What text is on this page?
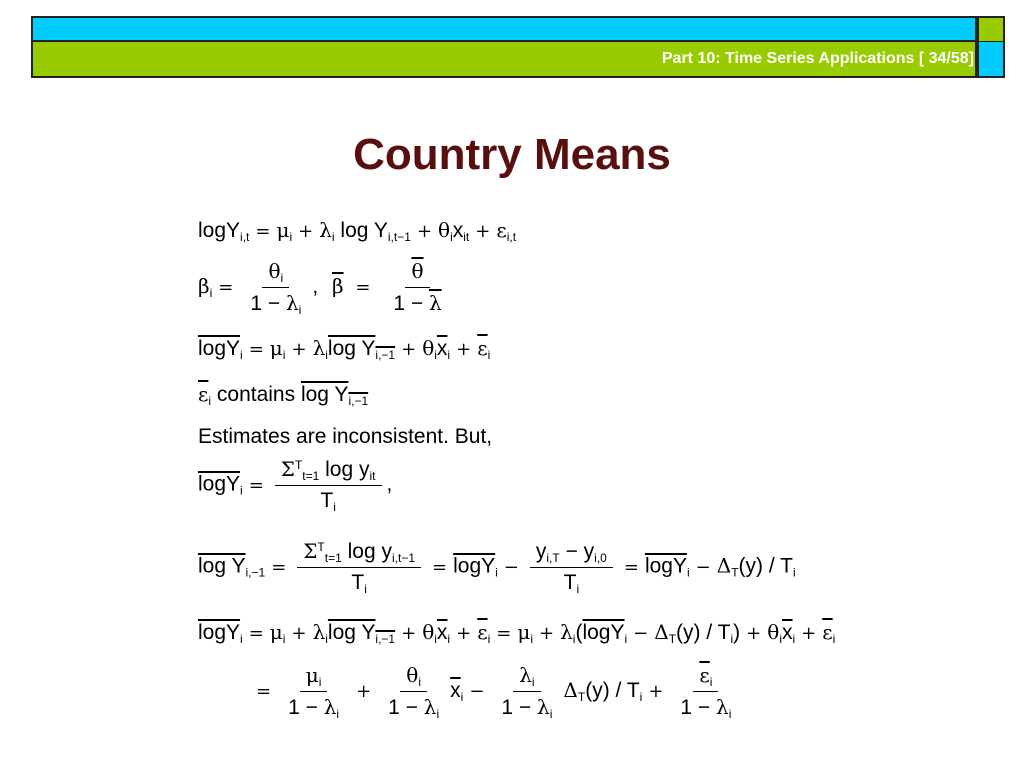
Part 10: Time Series Applications [ 34/58]
Country Means
$\log Y_{i,t} = \mu_i + \lambda_i$ $\log Y_{i,t-1} + \theta_ix_{it} + \varepsilon_{i,t}$
$\beta_i = \frac{\theta_i}{1 - \lambda_i}$ , $\overline{\beta} = \frac{\overline{\theta}}{1 - \overline{\lambda}}$
$\log Y_i = \mu_i + \lambda_i\log$ $Y_{i,-1} + \theta_i\overline{x}_i + \overline{\varepsilon}_i$
$\overline{\varepsilon}_i$ contains $\log Y_{i,-1}$
Estimates are inconsistent. But,
$\log Y_i = \frac{\Sigma^T_{t=1} \log y_{it}}{T_i}$ ,
$\log Y_{i,-1} = \frac{\Sigma^T_{t=1} \log y_{i,t-1}}{T_i} = \log Y_i - \frac{y_{i,T} - y_{i,0}}{T_i} = \log Y_i - \Delta_T(y) / T_i$
$\log Y_i = \mu_i + \lambda_i\log$ $Y_{i,-1} + \theta_i\overline{x}_i + \overline{\varepsilon}_i = \mu_i + \lambda_i(\log Y_i - \Delta_T(y) / T_i) + \theta_i\overline{x}_i + \overline{\varepsilon}_i$
= $\frac{\mu_i}{1 - \lambda_i} + \frac{\theta_i}{1 - \lambda_i} \overline{x}_i - \frac{\lambda_i}{1 - \lambda_i} \Delta_T(y) / T_i + \frac{\overline{\varepsilon}_i}{1 - \lambda_i}$
